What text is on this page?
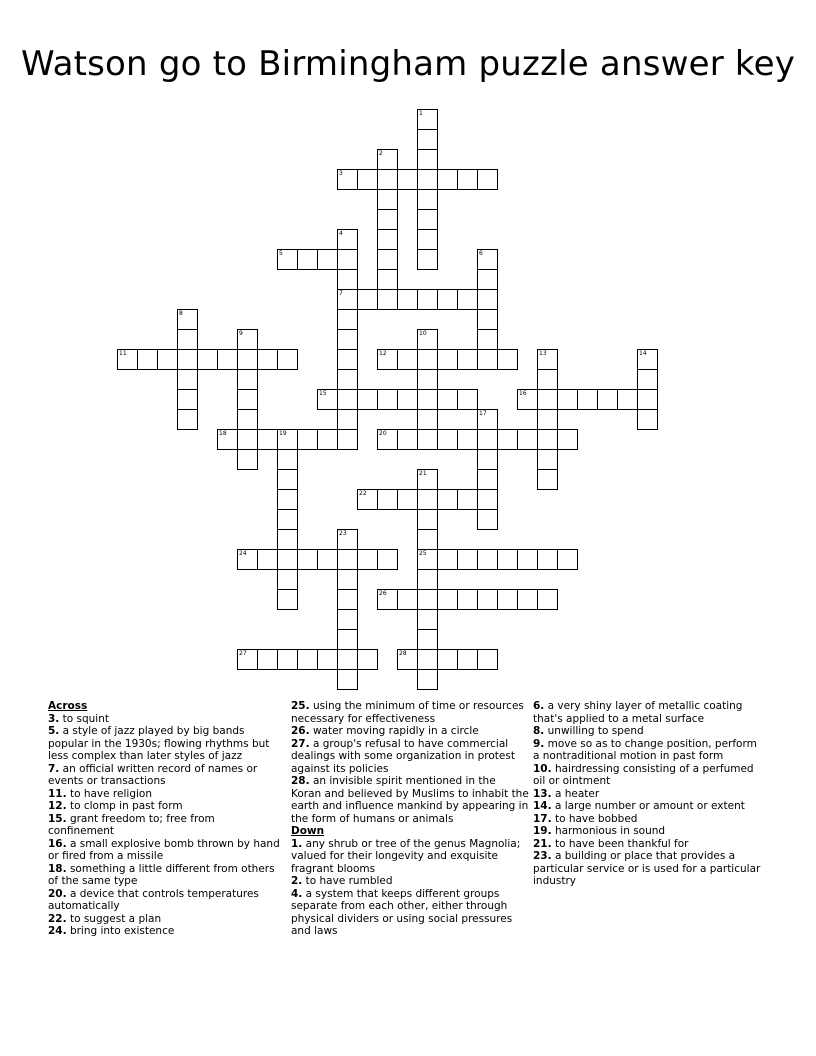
Watson go to Birmingham puzzle answer key
1
2
3
4
5	6
7
8
9	10
11	12	13	14
15	16
17
18	19	20
21
22
23
24	25
26
27	28
Across
3. to squint
5. a style of jazz played by big bands popular in the 1930s; flowing rhythms but less complex than later styles of jazz
7. an official written record of names or events or transactions
11. to have religion
12. to clomp in past form
15. grant freedom to; free from confinement
16. a small explosive bomb thrown by hand or fired from a missile
18. something a little different from others of the same type
20. a device that controls temperatures automatically
22. to suggest a plan
24. bring into existence
25. using the minimum of time or resources necessary for effectiveness
26. water moving rapidly in a circle
27. a group's refusal to have commercial dealings with some organization in protest against its policies
28. an invisible spirit mentioned in the Koran and believed by Muslims to inhabit the earth and influence mankind by appearing in the form of humans or animals
Down
1. any shrub or tree of the genus Magnolia; valued for their longevity and exquisite fragrant blooms
2. to have rumbled
4. a system that keeps different groups separate from each other, either through physical dividers or using social pressures and laws
6. a very shiny layer of metallic coating that's applied to a metal surface
8. unwilling to spend
9. move so as to change position, perform a nontraditional motion in past form
10. hairdressing consisting of a perfumed oil or ointment
13. a heater
14. a large number or amount or extent
17. to have bobbed
19. harmonious in sound
21. to have been thankful for
23. a building or place that provides a particular service or is used for a particular industry
